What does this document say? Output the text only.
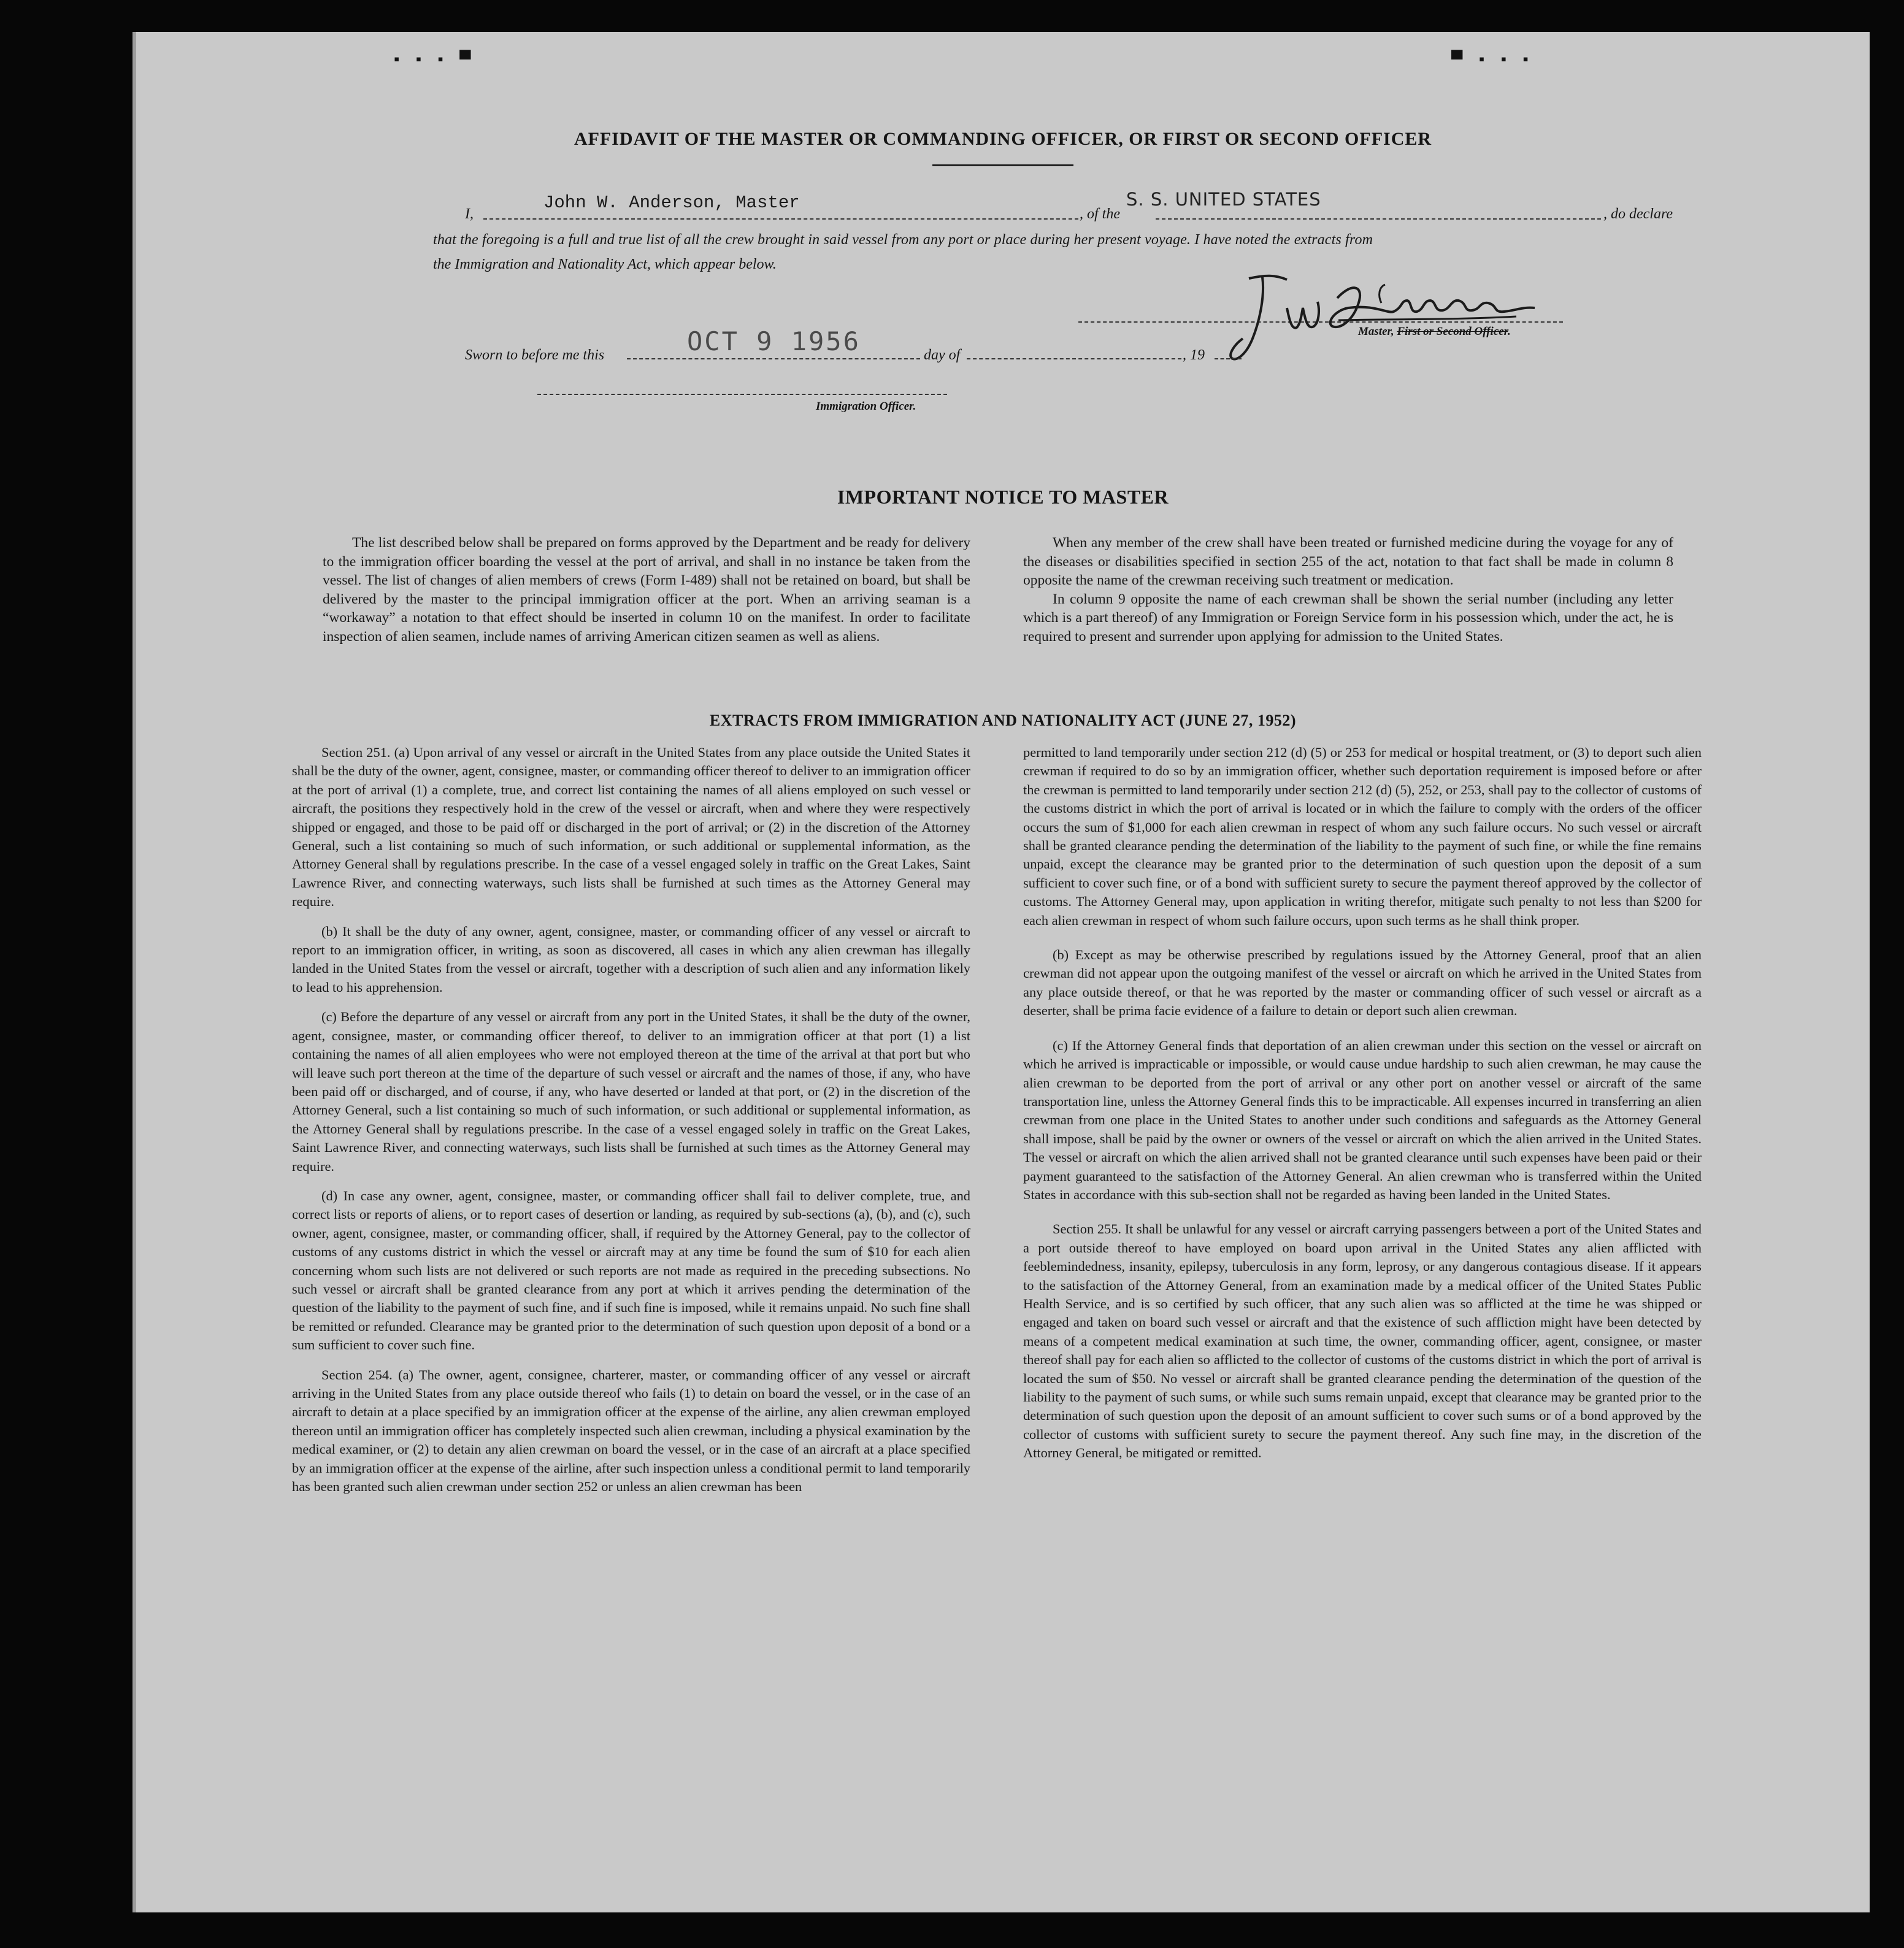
▪ ▪ ▪ ▀	▀ ▪ ▪ ▪
AFFIDAVIT OF THE MASTER OR COMMANDING OFFICER, OR FIRST OR SECOND OFFICER
I,
John W. Anderson, Master
, of the
S. S. UNITED STATES
, do declare
that the foregoing is a full and true list of all the crew brought in said vessel from any port or place during her present voyage. I have noted the extracts from
the Immigration and Nationality Act, which appear below.
Master, First or Second Officer.
Sworn to before me this	OCT 9 1956	day of	, 19
Immigration Officer.
IMPORTANT NOTICE TO MASTER

The list described below shall be prepared on forms approved by the Department and be ready for delivery to the immigration officer boarding the vessel at the port of arrival, and shall in no instance be taken from the vessel. The list of changes of alien members of crews (Form I-489) shall not be retained on board, but shall be delivered by the master to the principal immigration officer at the port. When an arriving seaman is a “workaway” a notation to that effect should be inserted in column 10 on the manifest. In order to facilitate inspection of alien seamen, include names of arriving American citizen seamen as well as aliens.

When any member of the crew shall have been treated or furnished medicine during the voyage for any of the diseases or disabilities specified in section 255 of the act, notation to that fact shall be made in column 8 opposite the name of the crewman receiving such treatment or medication.

In column 9 opposite the name of each crewman shall be shown the serial number (including any letter which is a part thereof) of any Immigration or Foreign Service form in his possession which, under the act, he is required to present and surrender upon applying for admission to the United States.

EXTRACTS FROM IMMIGRATION AND NATIONALITY ACT (JUNE 27, 1952)

Section 251. (a) Upon arrival of any vessel or aircraft in the United States from any place outside the United States it shall be the duty of the owner, agent, consignee, master, or commanding officer thereof to deliver to an immigration officer at the port of arrival (1) a complete, true, and correct list containing the names of all aliens employed on such vessel or aircraft, the positions they respectively hold in the crew of the vessel or aircraft, when and where they were respectively shipped or engaged, and those to be paid off or discharged in the port of arrival; or (2) in the discretion of the Attorney General, such a list containing so much of such information, or such additional or supplemental information, as the Attorney General shall by regulations prescribe. In the case of a vessel engaged solely in traffic on the Great Lakes, Saint Lawrence River, and connecting waterways, such lists shall be furnished at such times as the Attorney General may require.

(b) It shall be the duty of any owner, agent, consignee, master, or commanding officer of any vessel or aircraft to report to an immigration officer, in writing, as soon as discovered, all cases in which any alien crewman has illegally landed in the United States from the vessel or aircraft, together with a description of such alien and any information likely to lead to his apprehension.

(c) Before the departure of any vessel or aircraft from any port in the United States, it shall be the duty of the owner, agent, consignee, master, or commanding officer thereof, to deliver to an immigration officer at that port (1) a list containing the names of all alien employees who were not employed thereon at the time of the arrival at that port but who will leave such port thereon at the time of the departure of such vessel or aircraft and the names of those, if any, who have been paid off or discharged, and of course, if any, who have deserted or landed at that port, or (2) in the discretion of the Attorney General, such a list containing so much of such information, or such additional or supplemental information, as the Attorney General shall by regulations prescribe. In the case of a vessel engaged solely in traffic on the Great Lakes, Saint Lawrence River, and connecting waterways, such lists shall be furnished at such times as the Attorney General may require.

(d) In case any owner, agent, consignee, master, or commanding officer shall fail to deliver complete, true, and correct lists or reports of aliens, or to report cases of desertion or landing, as required by sub-sections (a), (b), and (c), such owner, agent, consignee, master, or commanding officer, shall, if required by the Attorney General, pay to the collector of customs of any customs district in which the vessel or aircraft may at any time be found the sum of $10 for each alien concerning whom such lists are not delivered or such reports are not made as required in the preceding subsections. No such vessel or aircraft shall be granted clearance from any port at which it arrives pending the determination of the question of the liability to the payment of such fine, and if such fine is imposed, while it remains unpaid. No such fine shall be remitted or refunded. Clearance may be granted prior to the determination of such question upon deposit of a bond or a sum sufficient to cover such fine.

Section 254. (a) The owner, agent, consignee, charterer, master, or commanding officer of any vessel or aircraft arriving in the United States from any place outside thereof who fails (1) to detain on board the vessel, or in the case of an aircraft to detain at a place specified by an immigration officer at the expense of the airline, any alien crewman employed thereon until an immigration officer has completely inspected such alien crewman, including a physical examination by the medical examiner, or (2) to detain any alien crewman on board the vessel, or in the case of an aircraft at a place specified by an immigration officer at the expense of the airline, after such inspection unless a conditional permit to land temporarily has been granted such alien crewman under section 252 or unless an alien crewman has been

permitted to land temporarily under section 212 (d) (5) or 253 for medical or hospital treatment, or (3) to deport such alien crewman if required to do so by an immigration officer, whether such deportation requirement is imposed before or after the crewman is permitted to land temporarily under section 212 (d) (5), 252, or 253, shall pay to the collector of customs of the customs district in which the port of arrival is located or in which the failure to comply with the orders of the officer occurs the sum of $1,000 for each alien crewman in respect of whom any such failure occurs. No such vessel or aircraft shall be granted clearance pending the determination of the liability to the payment of such fine, or while the fine remains unpaid, except the clearance may be granted prior to the determination of such question upon the deposit of a sum sufficient to cover such fine, or of a bond with sufficient surety to secure the payment thereof approved by the collector of customs. The Attorney General may, upon application in writing therefor, mitigate such penalty to not less than $200 for each alien crewman in respect of whom such failure occurs, upon such terms as he shall think proper.

(b) Except as may be otherwise prescribed by regulations issued by the Attorney General, proof that an alien crewman did not appear upon the outgoing manifest of the vessel or aircraft on which he arrived in the United States from any place outside thereof, or that he was reported by the master or commanding officer of such vessel or aircraft as a deserter, shall be prima facie evidence of a failure to detain or deport such alien crewman.

(c) If the Attorney General finds that deportation of an alien crewman under this section on the vessel or aircraft on which he arrived is impracticable or impossible, or would cause undue hardship to such alien crewman, he may cause the alien crewman to be deported from the port of arrival or any other port on another vessel or aircraft of the same transportation line, unless the Attorney General finds this to be impracticable. All expenses incurred in transferring an alien crewman from one place in the United States to another under such conditions and safeguards as the Attorney General shall impose, shall be paid by the owner or owners of the vessel or aircraft on which the alien arrived in the United States. The vessel or aircraft on which the alien arrived shall not be granted clearance until such expenses have been paid or their payment guaranteed to the satisfaction of the Attorney General. An alien crewman who is transferred within the United States in accordance with this sub-section shall not be regarded as having been landed in the United States.

Section 255. It shall be unlawful for any vessel or aircraft carrying passengers between a port of the United States and a port outside thereof to have employed on board upon arrival in the United States any alien afflicted with feeblemindedness, insanity, epilepsy, tuberculosis in any form, leprosy, or any dangerous contagious disease. If it appears to the satisfaction of the Attorney General, from an examination made by a medical officer of the United States Public Health Service, and is so certified by such officer, that any such alien was so afflicted at the time he was shipped or engaged and taken on board such vessel or aircraft and that the existence of such affliction might have been detected by means of a competent medical examination at such time, the owner, commanding officer, agent, consignee, or master thereof shall pay for each alien so afflicted to the collector of customs of the customs district in which the port of arrival is located the sum of $50. No vessel or aircraft shall be granted clearance pending the determination of the question of the liability to the payment of such sums, or while such sums remain unpaid, except that clearance may be granted prior to the determination of such question upon the deposit of an amount sufficient to cover such sums or of a bond approved by the collector of customs with sufficient surety to secure the payment thereof. Any such fine may, in the discretion of the Attorney General, be mitigated or remitted.
